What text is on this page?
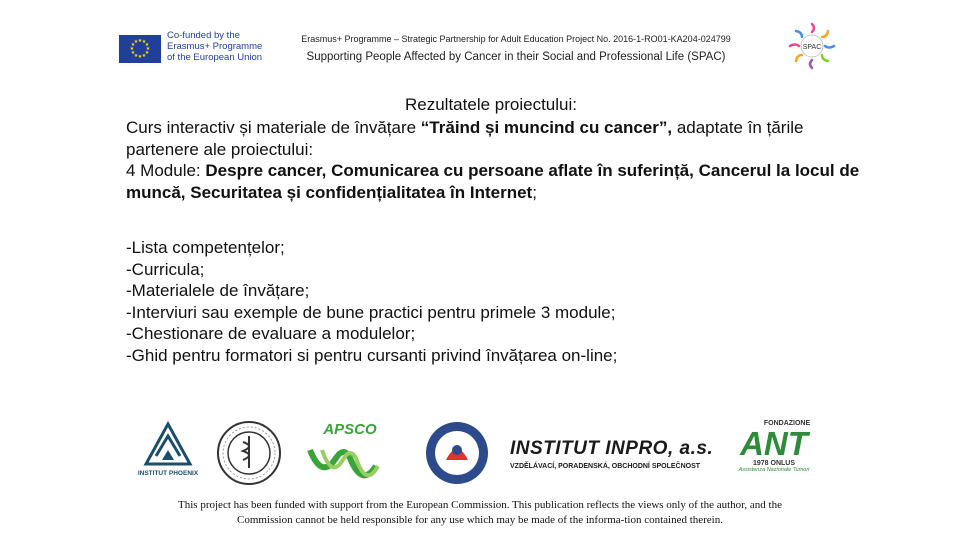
★ ★
★
★
★
★
★
★
★
★
★
★
Co-funded by the
Erasmus+ Programme
of the European Union
Erasmus+ Programme – Strategic Partnership for Adult Education Project No. 2016-1-RO01-KA204-024799
Supporting People Affected by Cancer in their Social and Professional Life (SPAC)
SPAC
Rezultatele proiectului:
Curs interactiv și materiale de învățare “Trăind și muncind cu cancer”, adaptate în țările partenere ale proiectului:
4 Module: Despre cancer, Comunicarea cu persoane aflate în suferință, Cancerul la locul de muncă, Securitatea și confidențialitatea în Internet;
-Lista competențelor;
-Curricula;
-Materialele de învățare;
-Interviuri sau exemple de bune practici pentru primele 3 module;
-Chestionare de evaluare a modulelor;
-Ghid pentru formatori si pentru cursanti privind învățarea on-line;
INSTITUT PHOENIX
APSCO
INSTITUT INPRO, a.s.
VZDĚLÁVACÍ, PORADENSKÁ, OBCHODNÍ SPOLEČNOST
FONDAZIONE
ANT
1978 ONLUS
Assistenza Nazionale Tumori
This project has been funded with support from the European Commission. This publication reflects the views only of the author, and the
Commission cannot be held responsible for any use which may be made of the informa-tion contained therein.
